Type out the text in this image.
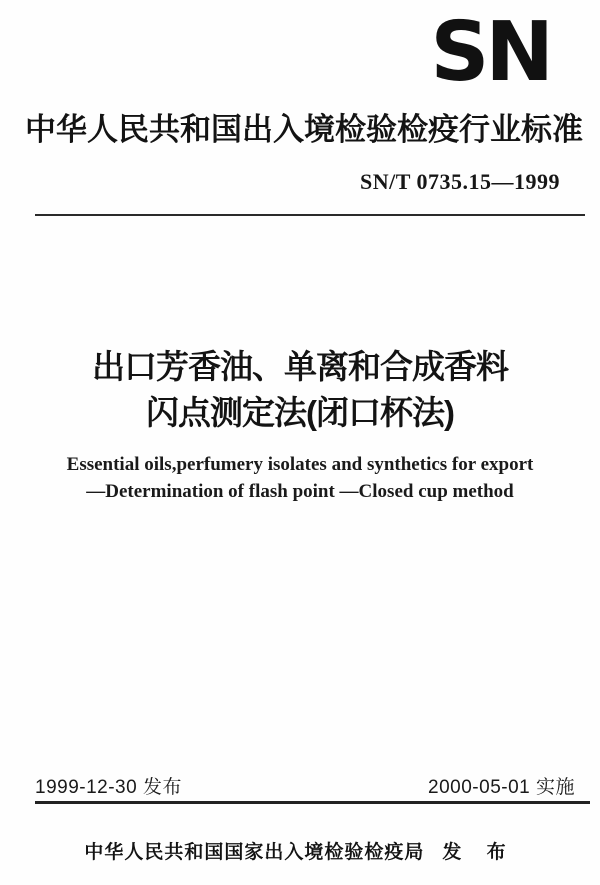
SN
中华人民共和国出入境检验检疫行业标准
SN/T 0735.15—1999
出口芳香油、单离和合成香料
闪点测定法(闭口杯法)
Essential oils,perfumery isolates and synthetics for export
—Determination of flash point —Closed cup method
1999-12-30 发布	2000-05-01 实施
中华人民共和国国家出入境检验检疫局 发 布
